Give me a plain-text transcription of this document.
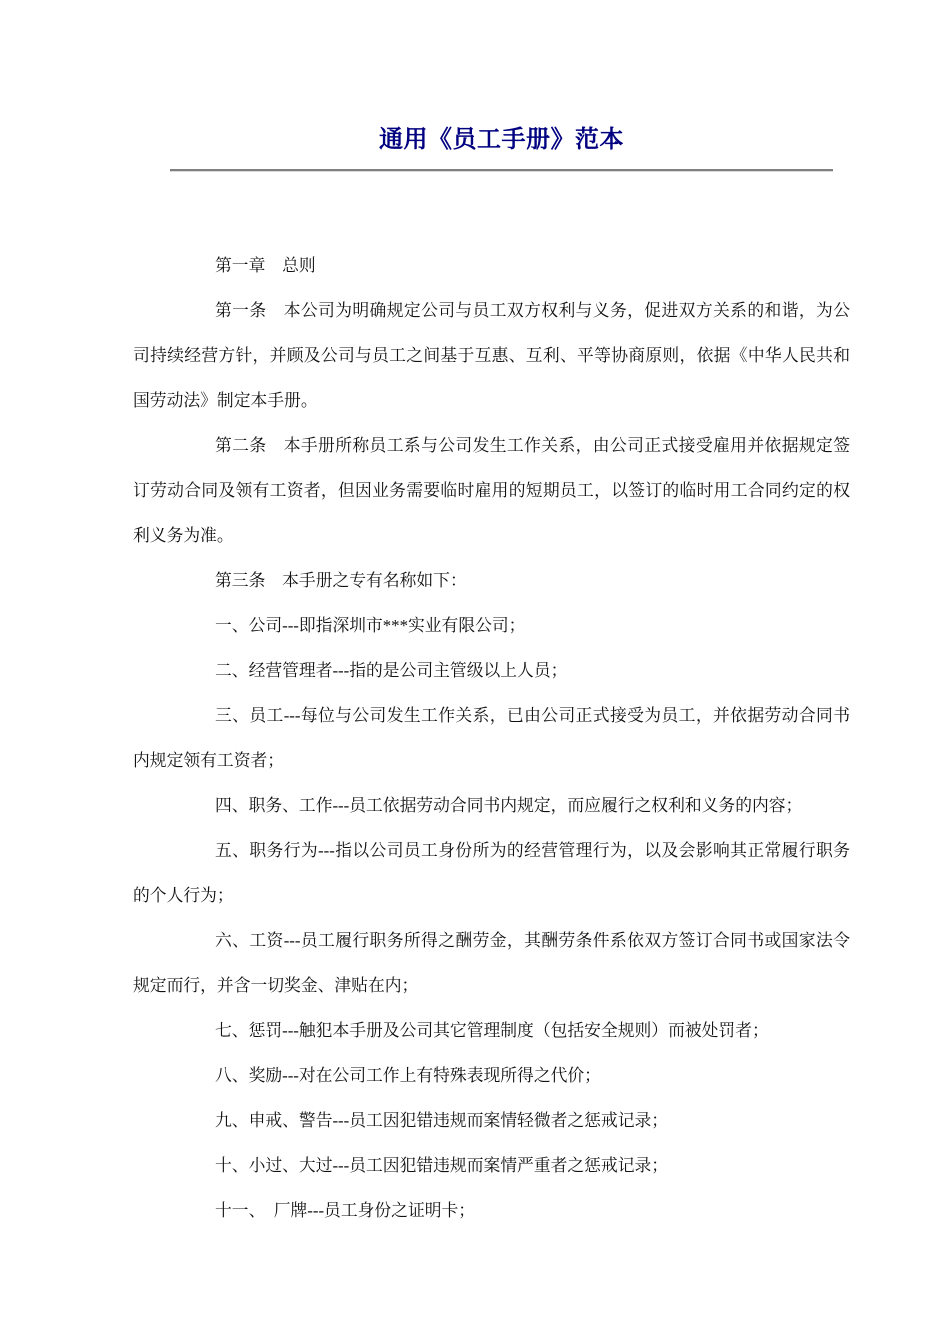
通用《员工手册》范本

第一章　总则

第一条　本公司为明确规定公司与员工双方权利与义务，促进双方关系的和谐，为公司持续经营方针，并顾及公司与员工之间基于互惠、互利、平等协商原则，依据《中华人民共和国劳动法》制定本手册。

第二条　本手册所称员工系与公司发生工作关系，由公司正式接受雇用并依据规定签订劳动合同及领有工资者，但因业务需要临时雇用的短期员工，以签订的临时用工合同约定的权利义务为准。

第三条　本手册之专有名称如下：

一、公司---即指深圳市***实业有限公司；

二、经营管理者---指的是公司主管级以上人员；

三、员工---每位与公司发生工作关系，已由公司正式接受为员工，并依据劳动合同书内规定领有工资者；

四、职务、工作---员工依据劳动合同书内规定，而应履行之权利和义务的内容；

五、职务行为---指以公司员工身份所为的经营管理行为，以及会影响其正常履行职务的个人行为；

六、工资---员工履行职务所得之酬劳金，其酬劳条件系依双方签订合同书或国家法令规定而行，并含一切奖金、津贴在内；

七、惩罚---触犯本手册及公司其它管理制度（包括安全规则）而被处罚者；

八、奖励---对在公司工作上有特殊表现所得之代价；

九、申戒、警告---员工因犯错违规而案情轻微者之惩戒记录；

十、小过、大过---员工因犯错违规而案情严重者之惩戒记录；

十一、　厂牌---员工身份之证明卡；
